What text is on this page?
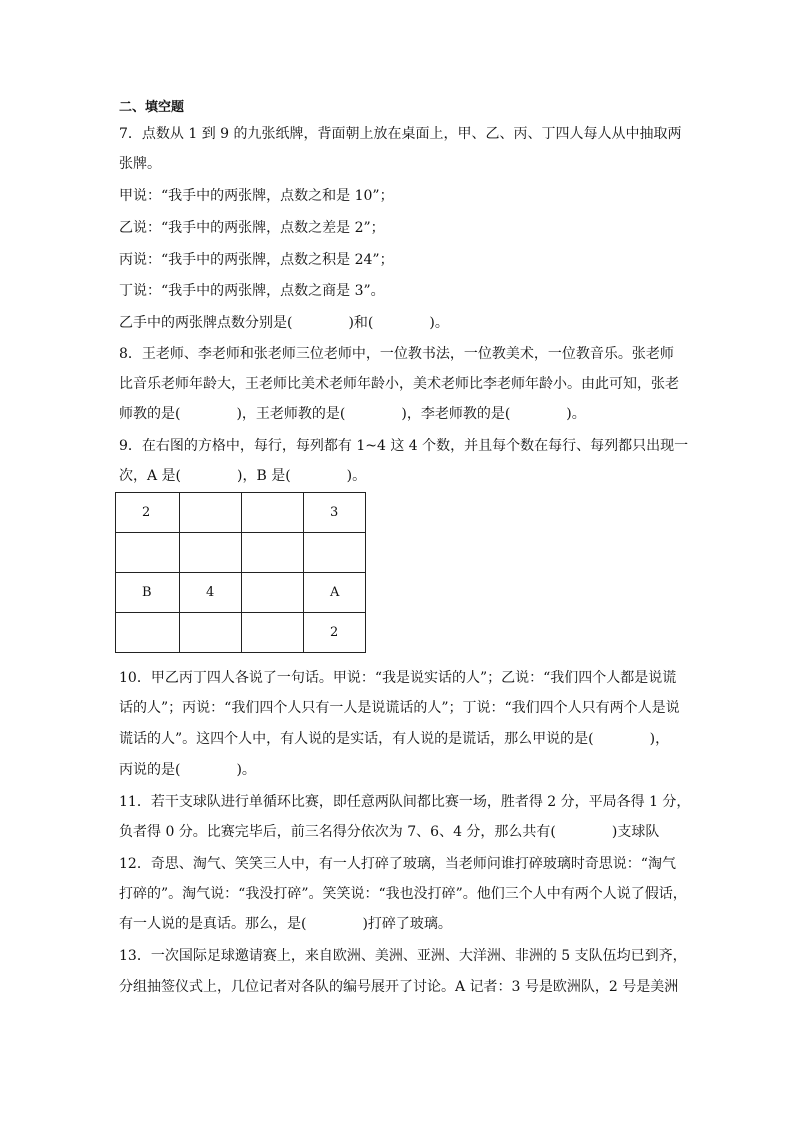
二、填空题
7．点数从 1 到 9 的九张纸牌，背面朝上放在桌面上，甲、乙、丙、丁四人每人从中抽取两
张牌。
甲说：“我手中的两张牌，点数之和是 10”；
乙说：“我手中的两张牌，点数之差是 2”；
丙说：“我手中的两张牌，点数之积是 24”；
丁说：“我手中的两张牌，点数之商是 3”。
乙手中的两张牌点数分别是(　　　　)和(　　　　)。
8．王老师、李老师和张老师三位老师中，一位教书法，一位教美术，一位教音乐。张老师
比音乐老师年龄大，王老师比美术老师年龄小，美术老师比李老师年龄小。由此可知，张老
师教的是(　　　　)，王老师教的是(　　　　)，李老师教的是(　　　　)。
9．在右图的方格中，每行，每列都有 1~4 这 4 个数，并且每个数在每行、每列都只出现一
次，A 是(　　　　)，B 是(　　　　)。
2			3

B	4		A
			2
10．甲乙丙丁四人各说了一句话。甲说：“我是说实话的人”；乙说：“我们四个人都是说谎
话的人”；丙说：“我们四个人只有一人是说谎话的人”；丁说：“我们四个人只有两个人是说
谎话的人”。这四个人中，有人说的是实话，有人说的是谎话，那么甲说的是(　　　　)，
丙说的是(　　　　)。
11．若干支球队进行单循环比赛，即任意两队间都比赛一场，胜者得 2 分，平局各得 1 分，
负者得 0 分。比赛完毕后，前三名得分依次为 7、6、4 分，那么共有(　　　　)支球队
12．奇思、淘气、笑笑三人中，有一人打碎了玻璃，当老师问谁打碎玻璃时奇思说：“淘气
打碎的”。淘气说：“我没打碎”。笑笑说：“我也没打碎”。他们三个人中有两个人说了假话，
有一人说的是真话。那么，是(　　　　)打碎了玻璃。
13．一次国际足球邀请赛上，来自欧洲、美洲、亚洲、大洋洲、非洲的 5 支队伍均已到齐，
分组抽签仪式上，几位记者对各队的编号展开了讨论。A 记者：3 号是欧洲队，2 号是美洲
